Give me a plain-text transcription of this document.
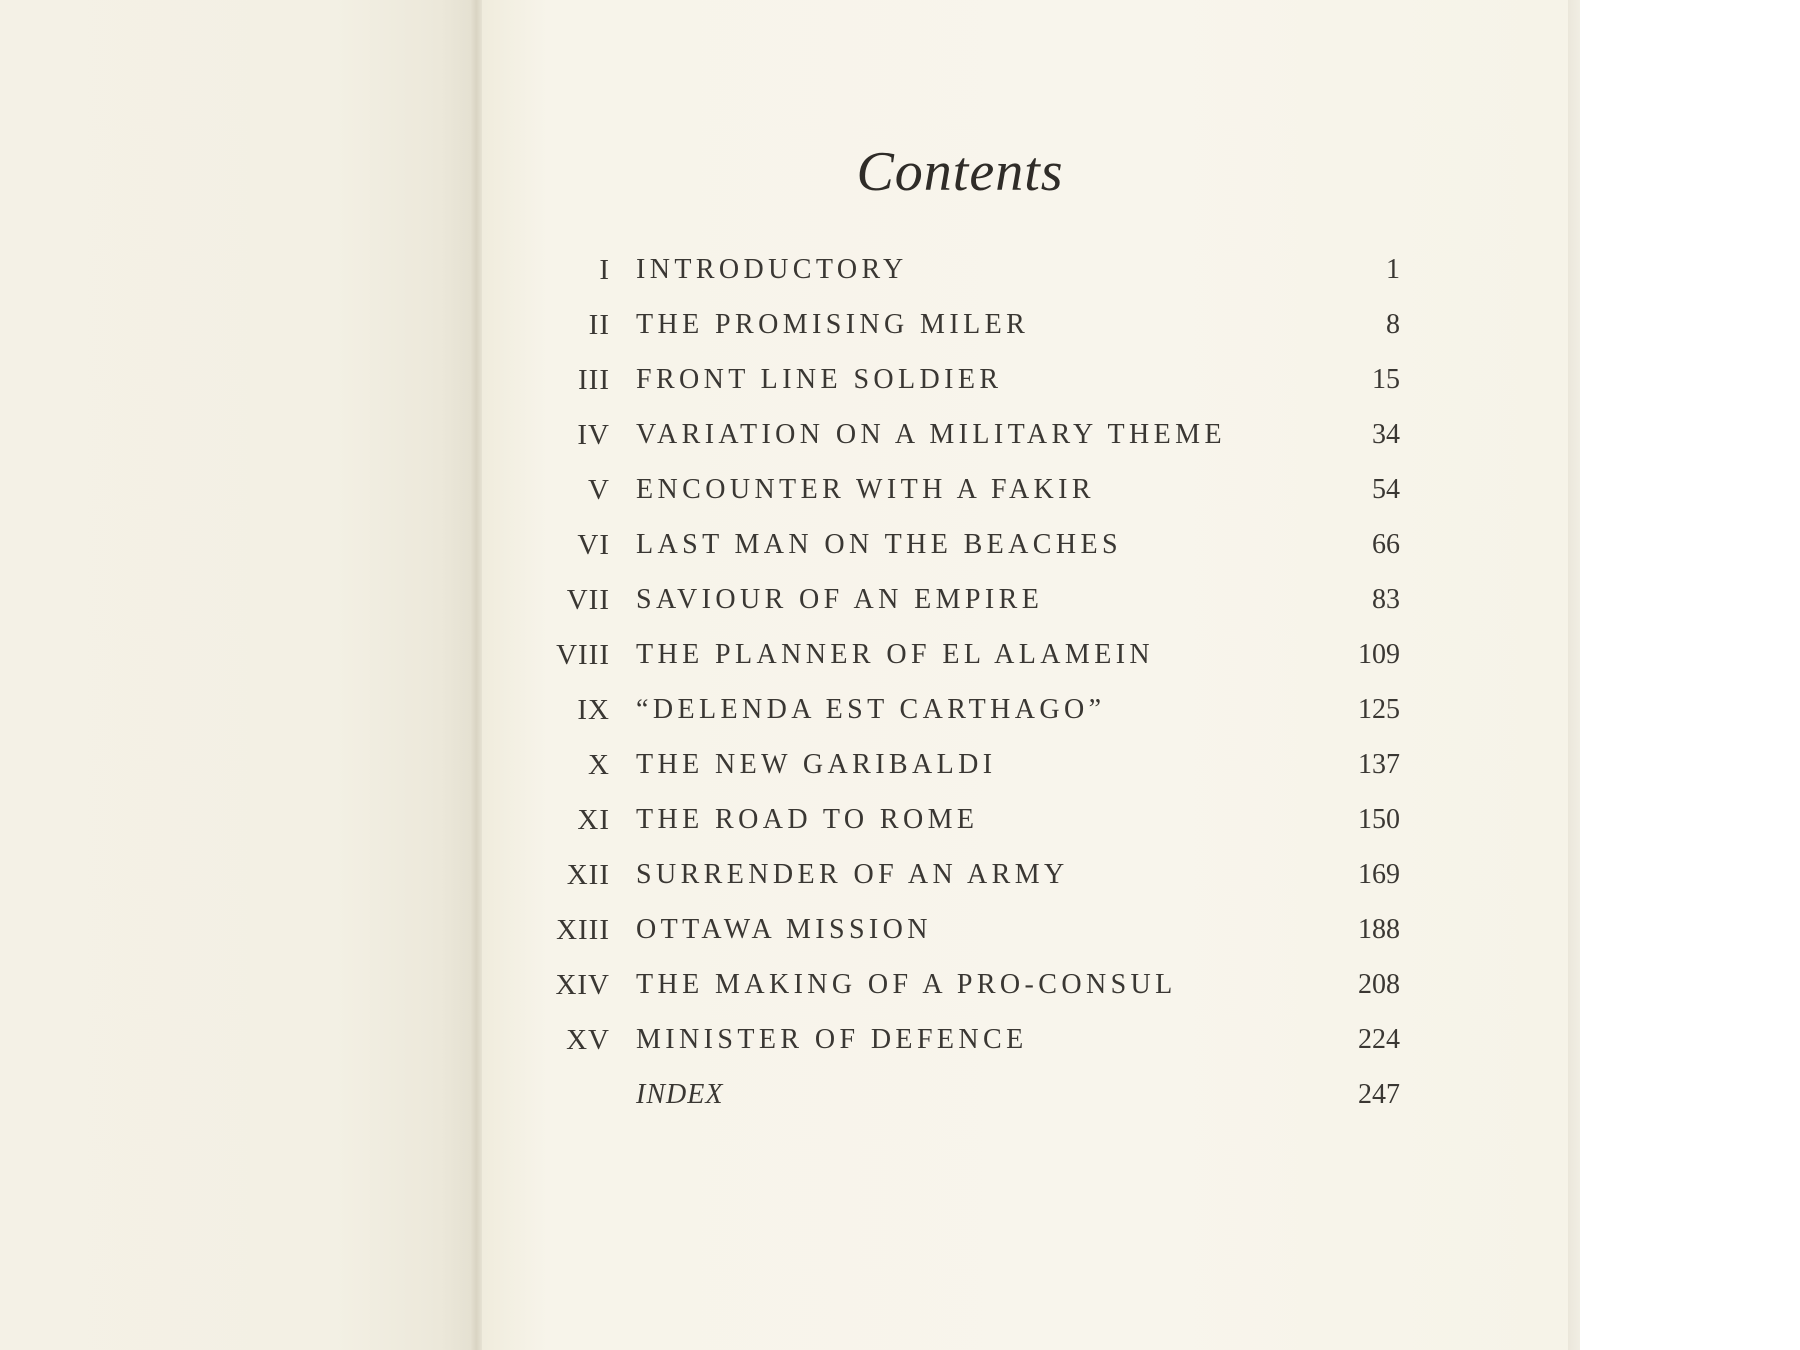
Contents
I INTRODUCTORY	1
II THE PROMISING MILER	8
III FRONT LINE SOLDIER	15
IV VARIATION ON A MILITARY THEME	34
V ENCOUNTER WITH A FAKIR	54
VI LAST MAN ON THE BEACHES	66
VII SAVIOUR OF AN EMPIRE	83
VIII THE PLANNER OF EL ALAMEIN	109
IX “DELENDA EST CARTHAGO”	125
X THE NEW GARIBALDI	137
XI THE ROAD TO ROME	150
XII SURRENDER OF AN ARMY	169
XIII OTTAWA MISSION	188
XIV THE MAKING OF A PRO-CONSUL	208
XV MINISTER OF DEFENCE	224
INDEX	247
